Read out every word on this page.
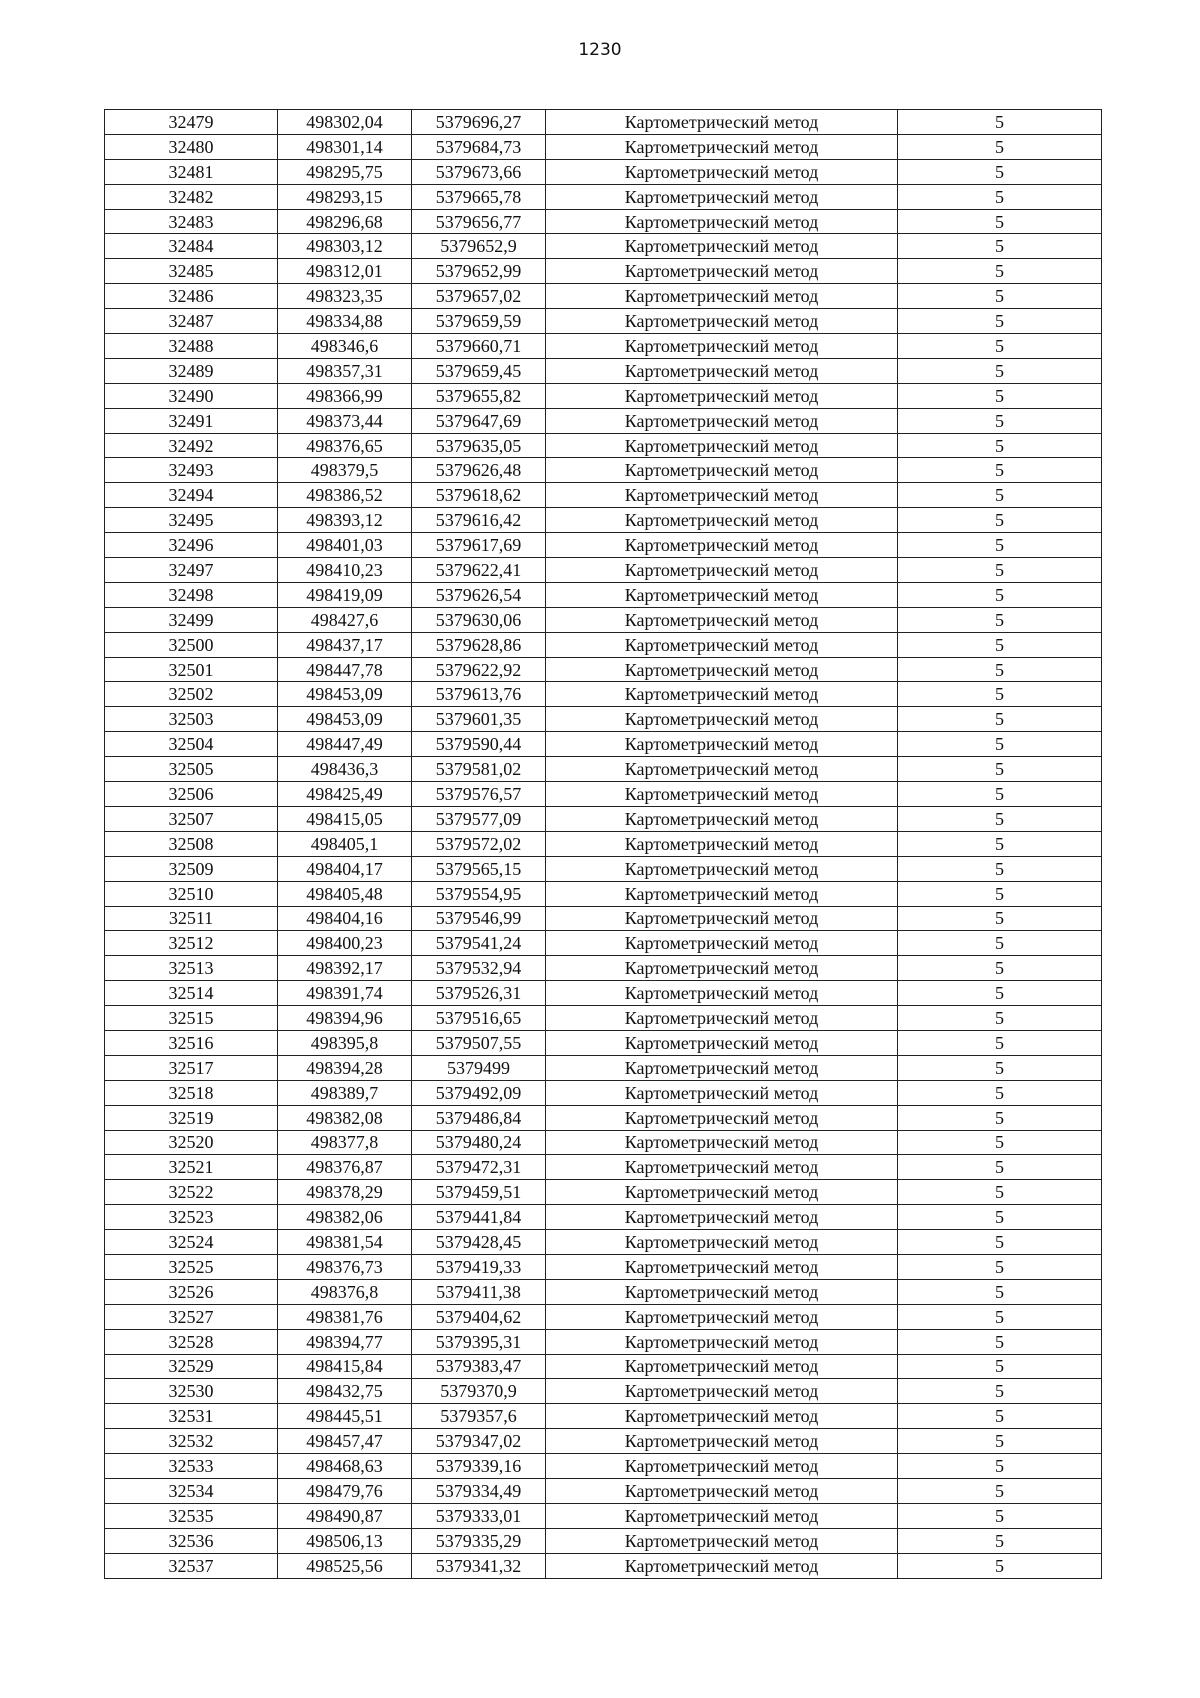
1230
32479	498302,04	5379696,27	Картометрический метод	5
32480	498301,14	5379684,73	Картометрический метод	5
32481	498295,75	5379673,66	Картометрический метод	5
32482	498293,15	5379665,78	Картометрический метод	5
32483	498296,68	5379656,77	Картометрический метод	5
32484	498303,12	5379652,9	Картометрический метод	5
32485	498312,01	5379652,99	Картометрический метод	5
32486	498323,35	5379657,02	Картометрический метод	5
32487	498334,88	5379659,59	Картометрический метод	5
32488	498346,6	5379660,71	Картометрический метод	5
32489	498357,31	5379659,45	Картометрический метод	5
32490	498366,99	5379655,82	Картометрический метод	5
32491	498373,44	5379647,69	Картометрический метод	5
32492	498376,65	5379635,05	Картометрический метод	5
32493	498379,5	5379626,48	Картометрический метод	5
32494	498386,52	5379618,62	Картометрический метод	5
32495	498393,12	5379616,42	Картометрический метод	5
32496	498401,03	5379617,69	Картометрический метод	5
32497	498410,23	5379622,41	Картометрический метод	5
32498	498419,09	5379626,54	Картометрический метод	5
32499	498427,6	5379630,06	Картометрический метод	5
32500	498437,17	5379628,86	Картометрический метод	5
32501	498447,78	5379622,92	Картометрический метод	5
32502	498453,09	5379613,76	Картометрический метод	5
32503	498453,09	5379601,35	Картометрический метод	5
32504	498447,49	5379590,44	Картометрический метод	5
32505	498436,3	5379581,02	Картометрический метод	5
32506	498425,49	5379576,57	Картометрический метод	5
32507	498415,05	5379577,09	Картометрический метод	5
32508	498405,1	5379572,02	Картометрический метод	5
32509	498404,17	5379565,15	Картометрический метод	5
32510	498405,48	5379554,95	Картометрический метод	5
32511	498404,16	5379546,99	Картометрический метод	5
32512	498400,23	5379541,24	Картометрический метод	5
32513	498392,17	5379532,94	Картометрический метод	5
32514	498391,74	5379526,31	Картометрический метод	5
32515	498394,96	5379516,65	Картометрический метод	5
32516	498395,8	5379507,55	Картометрический метод	5
32517	498394,28	5379499	Картометрический метод	5
32518	498389,7	5379492,09	Картометрический метод	5
32519	498382,08	5379486,84	Картометрический метод	5
32520	498377,8	5379480,24	Картометрический метод	5
32521	498376,87	5379472,31	Картометрический метод	5
32522	498378,29	5379459,51	Картометрический метод	5
32523	498382,06	5379441,84	Картометрический метод	5
32524	498381,54	5379428,45	Картометрический метод	5
32525	498376,73	5379419,33	Картометрический метод	5
32526	498376,8	5379411,38	Картометрический метод	5
32527	498381,76	5379404,62	Картометрический метод	5
32528	498394,77	5379395,31	Картометрический метод	5
32529	498415,84	5379383,47	Картометрический метод	5
32530	498432,75	5379370,9	Картометрический метод	5
32531	498445,51	5379357,6	Картометрический метод	5
32532	498457,47	5379347,02	Картометрический метод	5
32533	498468,63	5379339,16	Картометрический метод	5
32534	498479,76	5379334,49	Картометрический метод	5
32535	498490,87	5379333,01	Картометрический метод	5
32536	498506,13	5379335,29	Картометрический метод	5
32537	498525,56	5379341,32	Картометрический метод	5
